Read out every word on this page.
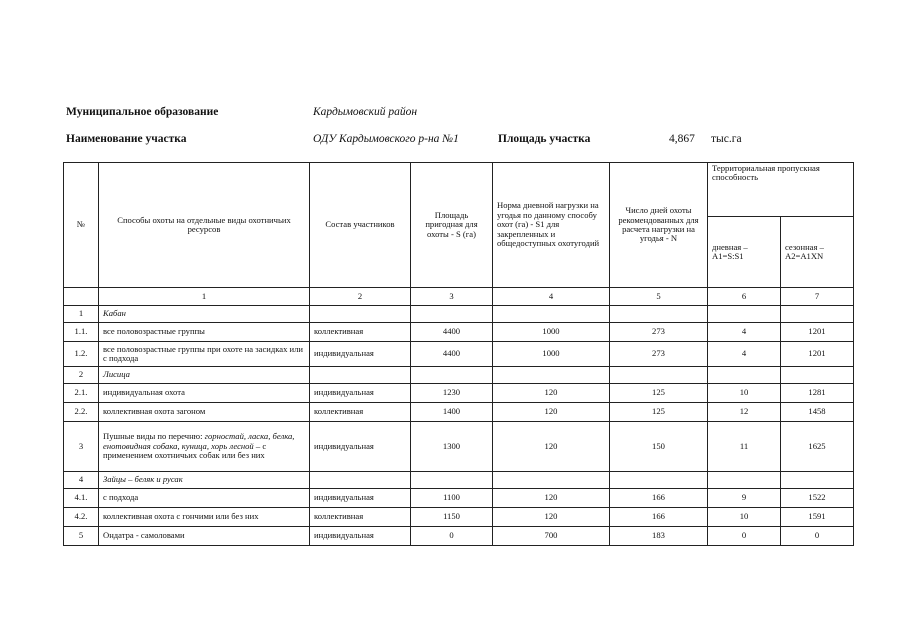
Муниципальное образование	Кардымовский район
Наименование участка	ОДУ Кардымовского р-на №1	Площадь участка	4,867 тыс.га
№	Способы охоты на отдельные виды охотничьих ресурсов	Состав участников	Площадь пригодная для охоты - S (га)	Норма дневной нагрузки на угодья по данному способу охот (га) - S1 для закрепленных и общедоступных охотугодий	Число дней охоты рекомендованных для расчета нагрузки на угодья - N	Территориальная пропускная способность	
						дневная – A1=S:S1	сезонная – A2=A1XN
	1	2	3	4	5	6	7
1	Кабан						
1.1.	все половозрастные группы	коллективная	4400	1000	273	4	1201
1.2.	все половозрастные группы при охоте на засидках или с подхода	индивидуальная	4400	1000	273	4	1201
2	Лисица						
2.1.	индивидуальная охота	индивидуальная	1230	120	125	10	1281
2.2.	коллективная охота загоном	коллективная	1400	120	125	12	1458
3	Пушные виды по перечню: горностай, ласка, белка, енотовидная собака, куница, хорь лесной – с применением охотничьих собак или без них	индивидуальная	1300	120	150	11	1625
4	Зайцы – беляк и русак						
4.1.	с подхода	индивидуальная	1100	120	166	9	1522
4.2.	коллективная охота с гончими или без них	коллективная	1150	120	166	10	1591
5	Ондатра - самоловами	индивидуальная	0	700	183	0	0
